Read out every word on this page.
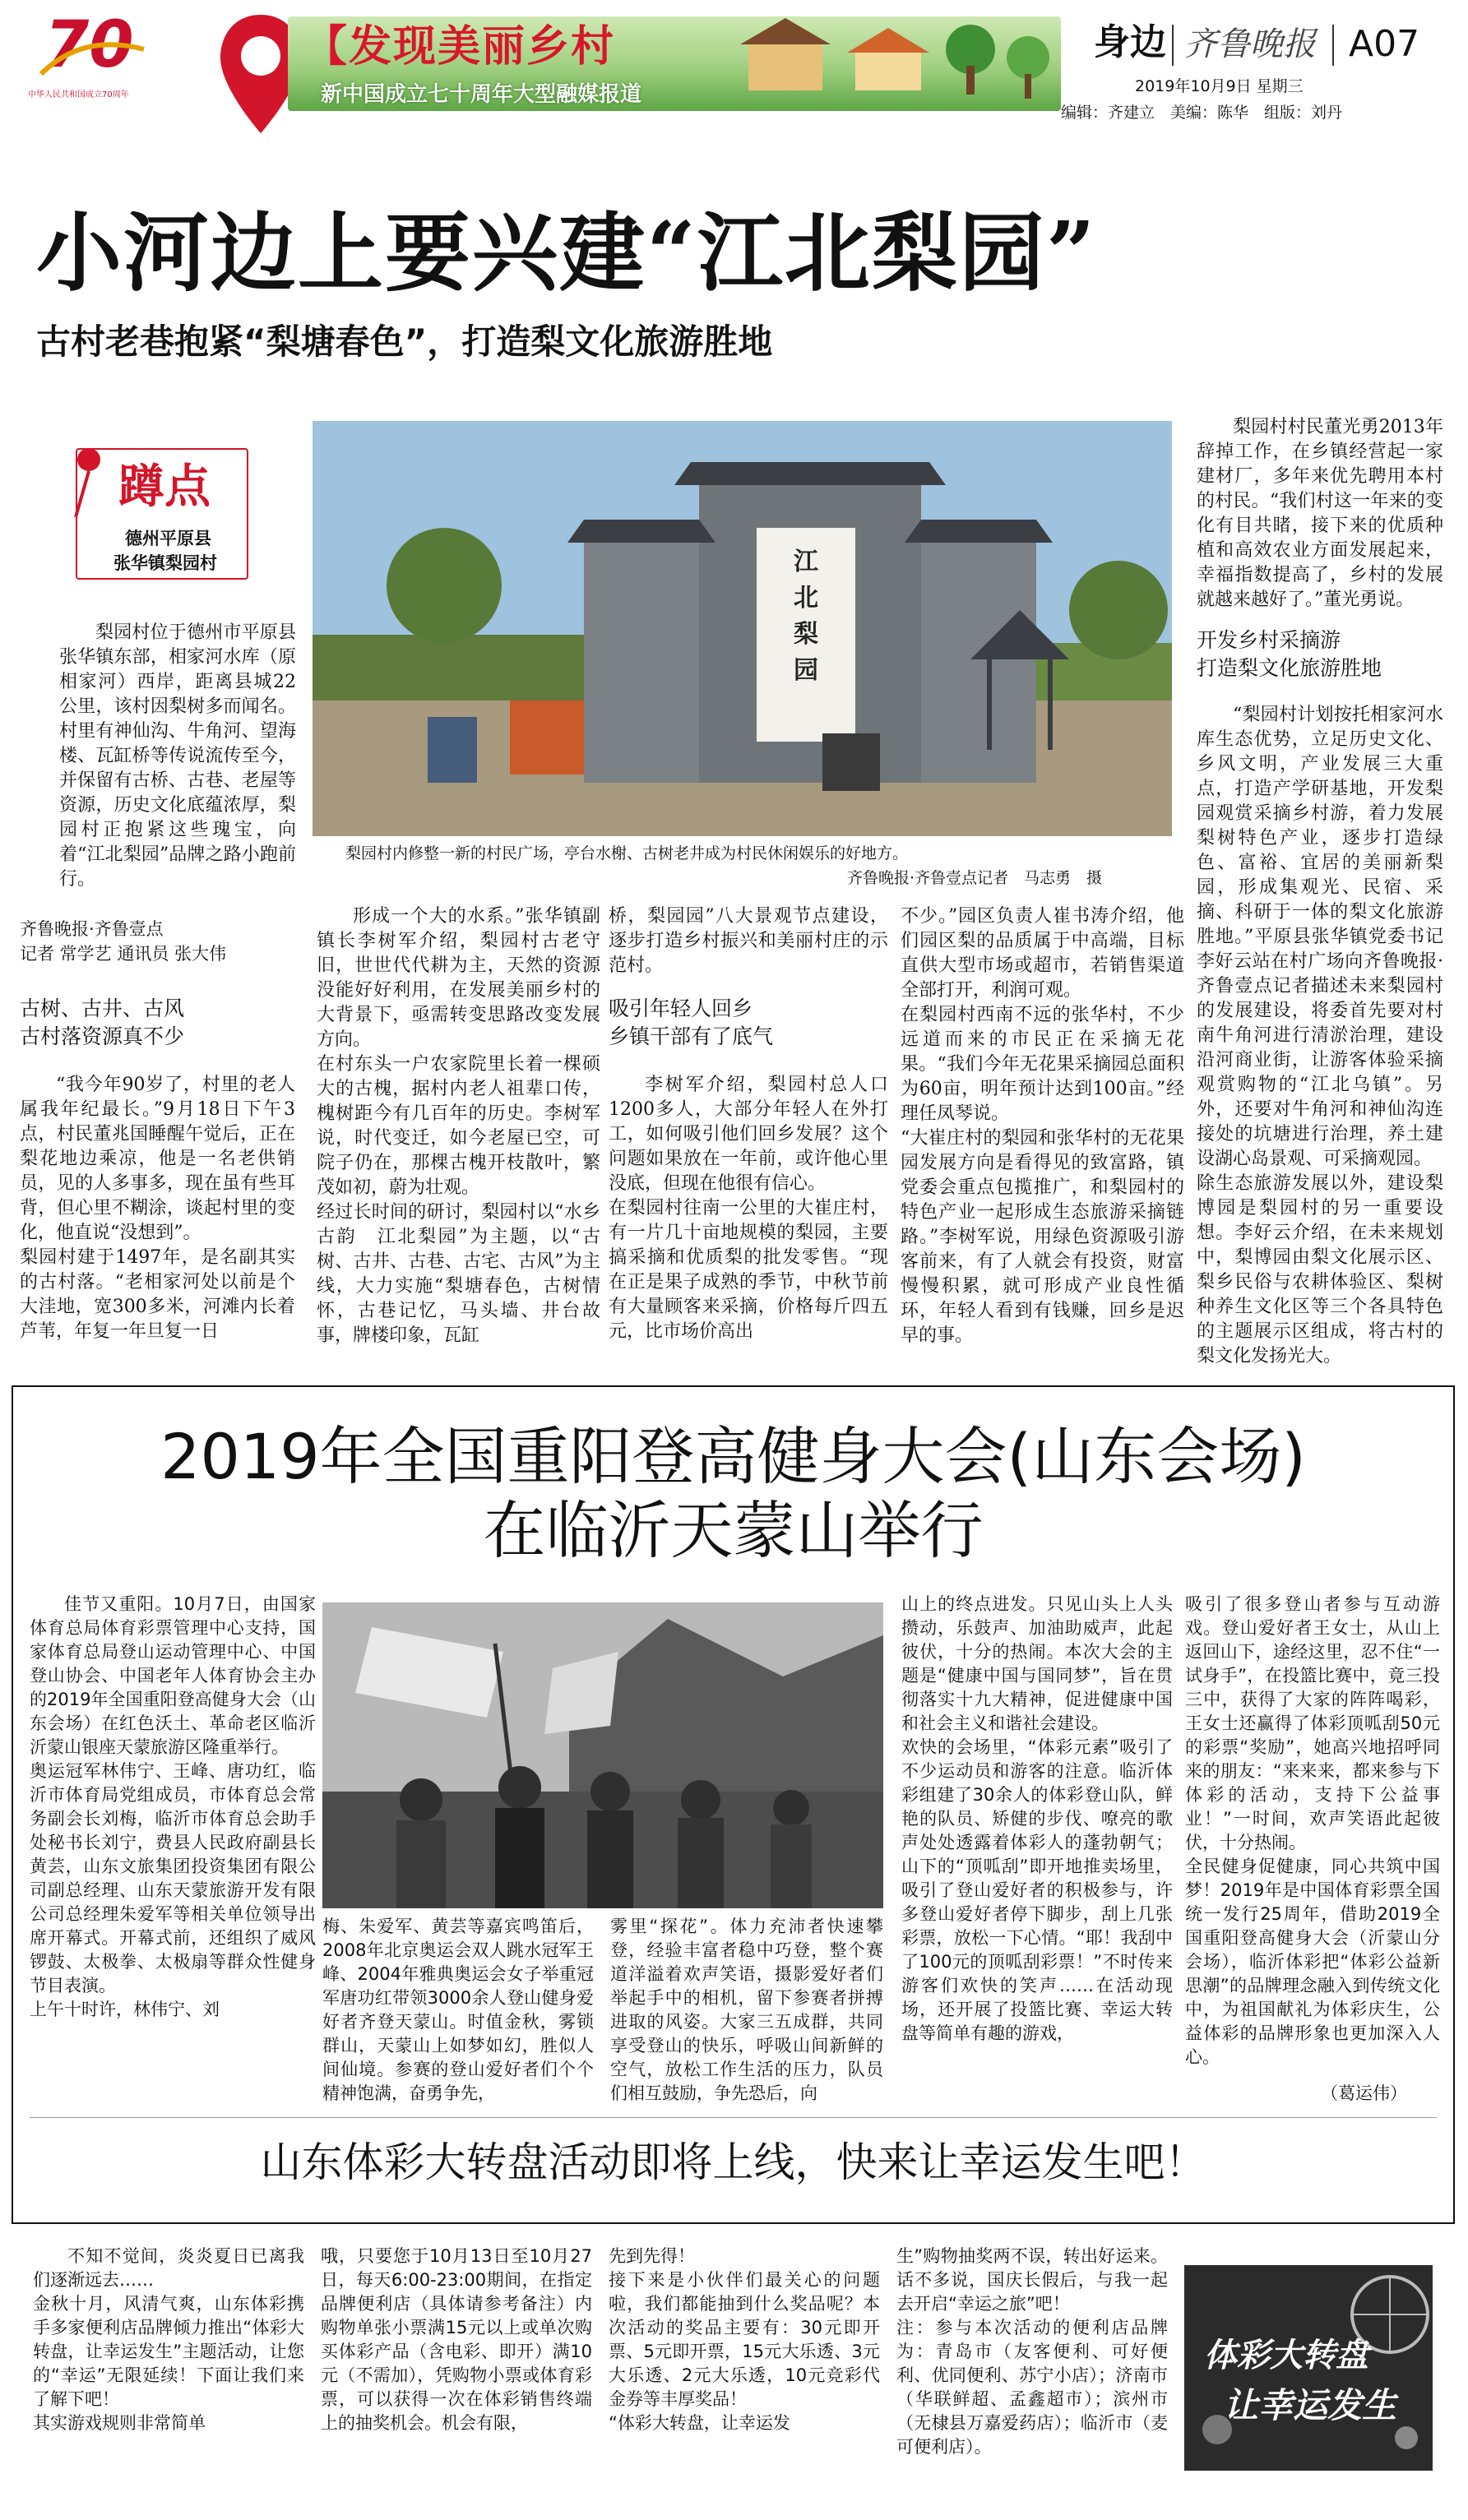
70
中华人民共和国成立70周年
【发现美丽乡村
新中国成立七十周年大型融媒报道
身边 齐鲁晚报 A07
2019年10月9日 星期三
编辑：齐建立　美编：陈华　组版：刘丹
小河边上要兴建“江北梨园”
古村老巷抱紧“梨塘春色”，打造梨文化旅游胜地
蹲点
德州平原县
张华镇梨园村

梨园村位于德州市平原县张华镇东部，相家河水库（原相家河）西岸，距离县城22公里，该村因梨树多而闻名。村里有神仙沟、牛角河、望海楼、瓦缸桥等传说流传至今，并保留有古桥、古巷、老屋等资源，历史文化底蕴浓厚，梨园村正抱紧这些瑰宝，向着“江北梨园”品牌之路小跑前行。

江北梨园
梨园村内修整一新的村民广场，亭台水榭、古树老井成为村民休闲娱乐的好地方。
齐鲁晚报·齐鲁壹点记者　马志勇　摄

梨园村村民董光勇2013年辞掉工作，在乡镇经营起一家建材厂，多年来优先聘用本村的村民。“我们村这一年来的变化有目共睹，接下来的优质种植和高效农业方面发展起来，幸福指数提高了，乡村的发展就越来越好了。”董光勇说。

开发乡村采摘游
打造梨文化旅游胜地

“梨园村计划按托相家河水库生态优势，立足历史文化、乡风文明，产业发展三大重点，打造产学研基地，开发梨园观赏采摘乡村游，着力发展梨树特色产业，逐步打造绿色、富裕、宜居的美丽新梨园，形成集观光、民宿、采摘、科研于一体的梨文化旅游胜地。”平原县张华镇党委书记李好云站在村广场向齐鲁晚报·齐鲁壹点记者描述未来梨园村的发展建设，将委首先要对村南牛角河进行清淤治理，建设沿河商业街，让游客体验采摘观赏购物的“江北乌镇”。另外，还要对牛角河和神仙沟连接处的坑塘进行治理，养土建设湖心岛景观、可采摘观园。
除生态旅游发展以外，建设梨博园是梨园村的另一重要设想。李好云介绍，在未来规划中，梨博园由梨文化展示区、梨乡民俗与农耕体验区、梨树种养生文化区等三个各具特色的主题展示区组成，将古村的梨文化发扬光大。

齐鲁晚报·齐鲁壹点
记者 常学艺 通讯员 张大伟
古树、古井、古风
古村落资源真不少

“我今年90岁了，村里的老人属我年纪最长。”9月18日下午3点，村民董兆国睡醒午觉后，正在梨花地边乘凉，他是一名老供销员，见的人多事多，现在虽有些耳背，但心里不糊涂，谈起村里的变化，他直说“没想到”。
梨园村建于1497年，是名副其实的古村落。“老相家河处以前是个大洼地，宽300多米，河滩内长着芦苇，年复一年旦复一日

形成一个大的水系。”张华镇副镇长李树军介绍，梨园村古老守旧，世世代代耕为主，天然的资源没能好好利用，在发展美丽乡村的大背景下，亟需转变思路改变发展方向。
在村东头一户农家院里长着一棵硕大的古槐，据村内老人祖辈口传，槐树距今有几百年的历史。李树军说，时代变迁，如今老屋已空，可院子仍在，那棵古槐开枝散叶，繁茂如初，蔚为壮观。
经过长时间的研讨，梨园村以“水乡古韵　江北梨园”为主题，以“古树、古井、古巷、古宅、古风”为主线，大力实施“梨塘春色，古树情怀，古巷记忆，马头墙、井台故事，牌楼印象，瓦缸

桥，梨园园”八大景观节点建设，逐步打造乡村振兴和美丽村庄的示范村。

吸引年轻人回乡
乡镇干部有了底气

李树军介绍，梨园村总人口1200多人，大部分年轻人在外打工，如何吸引他们回乡发展？这个问题如果放在一年前，或许他心里没底，但现在他很有信心。
在梨园村往南一公里的大崔庄村，有一片几十亩地规模的梨园，主要搞采摘和优质梨的批发零售。“现在正是果子成熟的季节，中秋节前有大量顾客来采摘，价格每斤四五元，比市场价高出

不少。”园区负责人崔书涛介绍，他们园区梨的品质属于中高端，目标直供大型市场或超市，若销售渠道全部打开，利润可观。
在梨园村西南不远的张华村，不少远道而来的市民正在采摘无花果。“我们今年无花果采摘园总面积为60亩，明年预计达到100亩。”经理任凤琴说。
“大崔庄村的梨园和张华村的无花果园发展方向是看得见的致富路，镇党委会重点包揽推广，和梨园村的特色产业一起形成生态旅游采摘链路。”李树军说，用绿色资源吸引游客前来，有了人就会有投资，财富慢慢积累，就可形成产业良性循环，年轻人看到有钱赚，回乡是迟早的事。

2019年全国重阳登高健身大会(山东会场)
在临沂天蒙山举行

佳节又重阳。10月7日，由国家体育总局体育彩票管理中心支持，国家体育总局登山运动管理中心、中国登山协会、中国老年人体育协会主办的2019年全国重阳登高健身大会（山东会场）在红色沃土、革命老区临沂沂蒙山银座天蒙旅游区隆重举行。
奥运冠军林伟宁、王峰、唐功红，临沂市体育局党组成员，市体育总会常务副会长刘梅，临沂市体育总会助手处秘书长刘宁，费县人民政府副县长黄芸，山东文旅集团投资集团有限公司副总经理、山东天蒙旅游开发有限公司总经理朱爱军等相关单位领导出席开幕式。开幕式前，还组织了威风锣鼓、太极拳、太极扇等群众性健身节目表演。
上午十时许，林伟宁、刘

梅、朱爱军、黄芸等嘉宾鸣笛后，2008年北京奥运会双人跳水冠军王峰、2004年雅典奥运会女子举重冠军唐功红带领3000余人登山健身爱好者齐登天蒙山。时值金秋，雾锁群山，天蒙山上如梦如幻，胜似人间仙境。参赛的登山爱好者们个个精神饱满，奋勇争先，

雾里“探花”。体力充沛者快速攀登，经验丰富者稳中巧登，整个赛道洋溢着欢声笑语，摄影爱好者们举起手中的相机，留下参赛者拼搏进取的风姿。大家三五成群，共同享受登山的快乐，呼吸山间新鲜的空气，放松工作生活的压力，队员们相互鼓励，争先恐后，向

山上的终点进发。只见山头上人头攒动，乐鼓声、加油助威声，此起彼伏，十分的热闹。本次大会的主题是“健康中国与国同梦”，旨在贯彻落实十九大精神，促进健康中国和社会主义和谐社会建设。
欢快的会场里，“体彩元素”吸引了不少运动员和游客的注意。临沂体彩组建了30余人的体彩登山队，鲜艳的队员、矫健的步伐、嘹亮的歌声处处透露着体彩人的蓬勃朝气；山下的“顶呱刮”即开地推卖场里，吸引了登山爱好者的积极参与，许多登山爱好者停下脚步，刮上几张彩票，放松一下心情。“耶！我刮中了100元的顶呱刮彩票！”不时传来游客们欢快的笑声……在活动现场，还开展了投篮比赛、幸运大转盘等简单有趣的游戏，

吸引了很多登山者参与互动游戏。登山爱好者王女士，从山上返回山下，途经这里，忍不住“一试身手”，在投篮比赛中，竟三投三中，获得了大家的阵阵喝彩，王女士还赢得了体彩顶呱刮50元的彩票“奖励”，她高兴地招呼同来的朋友：“来来来，都来参与下体彩的活动，支持下公益事业！”一时间，欢声笑语此起彼伏，十分热闹。
全民健身促健康，同心共筑中国梦！2019年是中国体育彩票全国统一发行25周年，借助2019全国重阳登高健身大会（沂蒙山分会场），临沂体彩把“体彩公益新思潮”的品牌理念融入到传统文化中，为祖国献礼为体彩庆生，公益体彩的品牌形象也更加深入人心。

（葛运伟）
山东体彩大转盘活动即将上线，快来让幸运发生吧！

不知不觉间，炎炎夏日已离我们逐渐远去……
金秋十月，风清气爽，山东体彩携手多家便利店品牌倾力推出“体彩大转盘，让幸运发生”主题活动，让您的“幸运”无限延续！下面让我们来了解下吧！
其实游戏规则非常简单

哦，只要您于10月13日至10月27日，每天6:00-23:00期间，在指定品牌便利店（具体请参考备注）内购物单张小票满15元以上或单次购买体彩产品（含电彩、即开）满10元（不需加），凭购物小票或体育彩票，可以获得一次在体彩销售终端上的抽奖机会。机会有限，

先到先得！
接下来是小伙伴们最关心的问题啦，我们都能抽到什么奖品呢？本次活动的奖品主要有：30元即开票、5元即开票，15元大乐透、3元大乐透、2元大乐透，10元竞彩代金券等丰厚奖品！
“体彩大转盘，让幸运发

生”购物抽奖两不误，转出好运来。话不多说，国庆长假后，与我一起去开启“幸运之旅”吧！
注：参与本次活动的便利店品牌为：青岛市（友客便利、可好便利、优同便利、苏宁小店）；济南市（华联鲜超、孟鑫超市）；滨州市（无棣县万嘉爱药店）；临沂市（麦可便利店）。

体彩大转盘
让幸运发生
